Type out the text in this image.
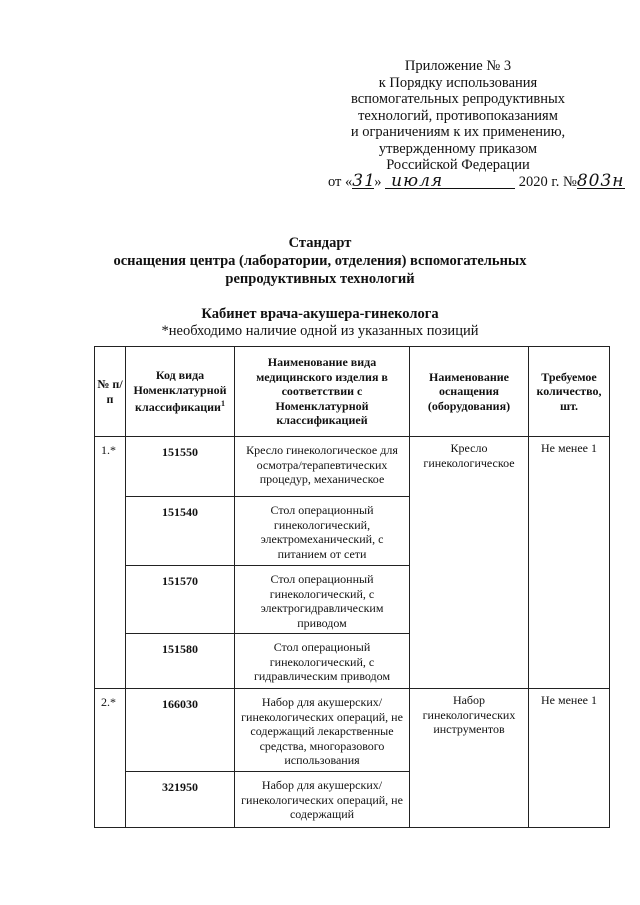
Приложение № 3
к Порядку использования
вспомогательных репродуктивных
технологий, противопоказаниям
и ограничениям к их применению,
утвержденному приказом
Российской Федерации
от «31» июля	2020 г. №803н
Стандарт
оснащения центра (лаборатории, отделения) вспомогательных
репродуктивных технологий
Кабинет врача-акушера-гинеколога
*необходимо наличие одной из указанных позиций
№ п/п	Код вида Номенклатурной классификации$^1$	Наименование вида медицинского изделия в соответствии с Номенклатурной классификацией	Наименование оснащения (оборудования)	Требуемое количество, шт.
1.*	151550	Кресло гинекологическое для осмотра/терапевтических процедур, механическое	Кресло гинекологическое	Не менее 1
	151540	Стол операционный гинекологический, электромеханический, с питанием от сети		
	151570	Стол операционный гинекологический, с электрогидравлическим приводом		
	151580	Стол операционый гинекологический, с гидравлическим приводом		
2.*	166030	Набор для акушерских/гинекологических операций, не содержащий лекарственные средства, многоразового использования	Набор гинекологических инструментов	Не менее 1
	321950	Набор для акушерских/гинекологических операций, не содержащий		
